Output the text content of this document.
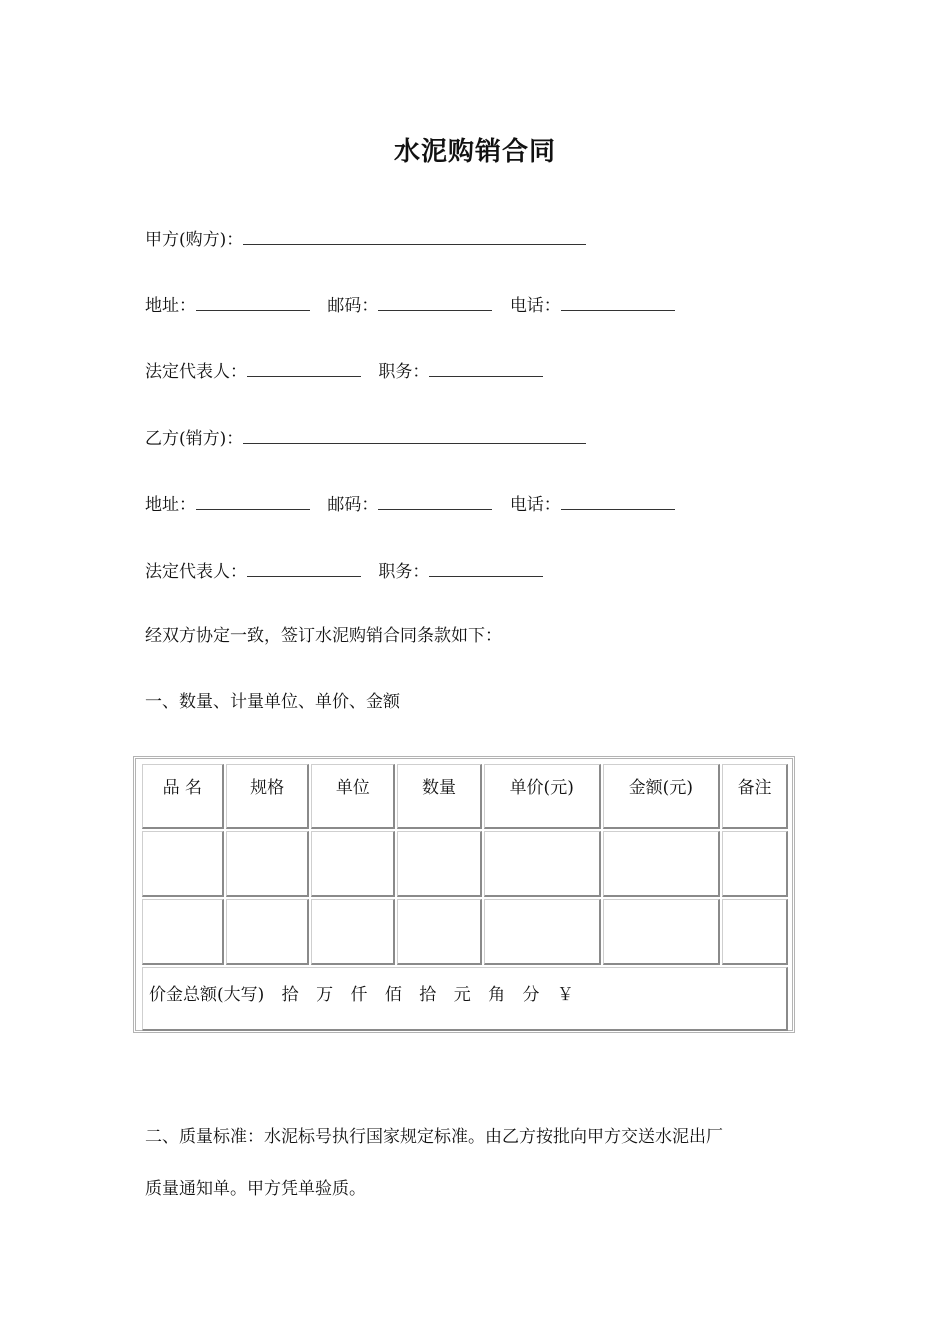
水泥购销合同
甲方(购方)：
地址：	邮码：	电话：
法定代表人：	职务：
乙方(销方)：
地址：	邮码：	电话：
法定代表人：	职务：
经双方协定一致，签订水泥购销合同条款如下：
一、数量、计量单位、单价、金额
品 名	规格	单位	数量	单价(元)	金额(元)	备注

价金总额(大写) 拾 万 仟 佰 拾 元 角 分 ￥						
二、质量标准：水泥标号执行国家规定标准。由乙方按批向甲方交送水泥出厂
质量通知单。甲方凭单验质。
